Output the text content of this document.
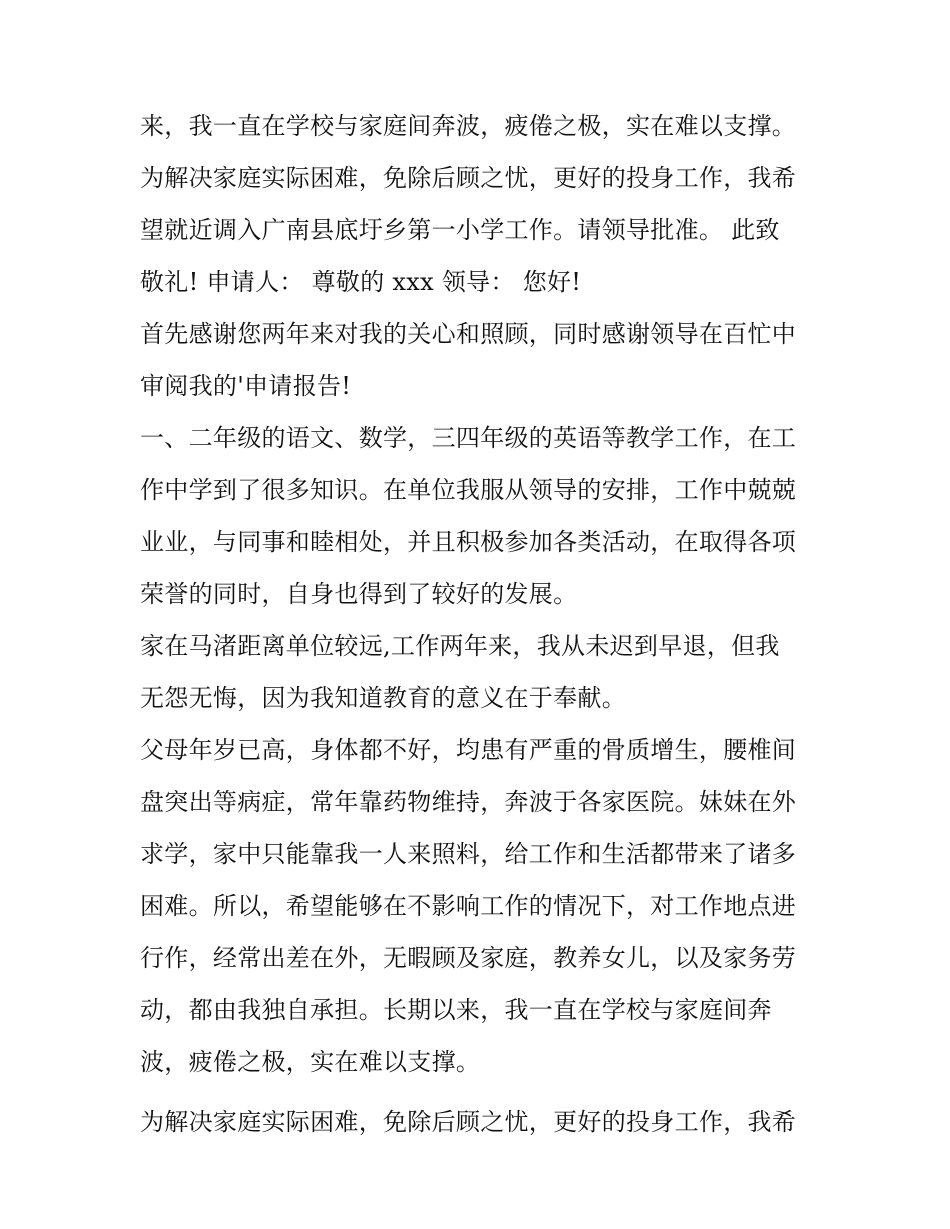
来，我一直在学校与家庭间奔波，疲倦之极，实在难以支撑。

为解决家庭实际困难，免除后顾之忧，更好的投身工作，我希

望就近调入广南县底圩乡第一小学工作。请领导批准。 此致

敬礼! 申请人： 尊敬的 xxx 领导： 您好!

首先感谢您两年来对我的关心和照顾，同时感谢领导在百忙中

审阅我的'申请报告!

一、二年级的语文、数学，三四年级的英语等教学工作，在工

作中学到了很多知识。在单位我服从领导的安排，工作中兢兢

业业，与同事和睦相处，并且积极参加各类活动，在取得各项

荣誉的同时，自身也得到了较好的发展。

家在马渚距离单位较远,工作两年来，我从未迟到早退，但我

无怨无悔，因为我知道教育的意义在于奉献。

父母年岁已高，身体都不好，均患有严重的骨质增生，腰椎间

盘突出等病症，常年靠药物维持，奔波于各家医院。妹妹在外

求学，家中只能靠我一人来照料，给工作和生活都带来了诸多

困难。所以，希望能够在不影响工作的情况下，对工作地点进

行作，经常出差在外，无暇顾及家庭，教养女儿，以及家务劳

动，都由我独自承担。长期以来，我一直在学校与家庭间奔

波，疲倦之极，实在难以支撑。

为解决家庭实际困难，免除后顾之忧，更好的投身工作，我希
